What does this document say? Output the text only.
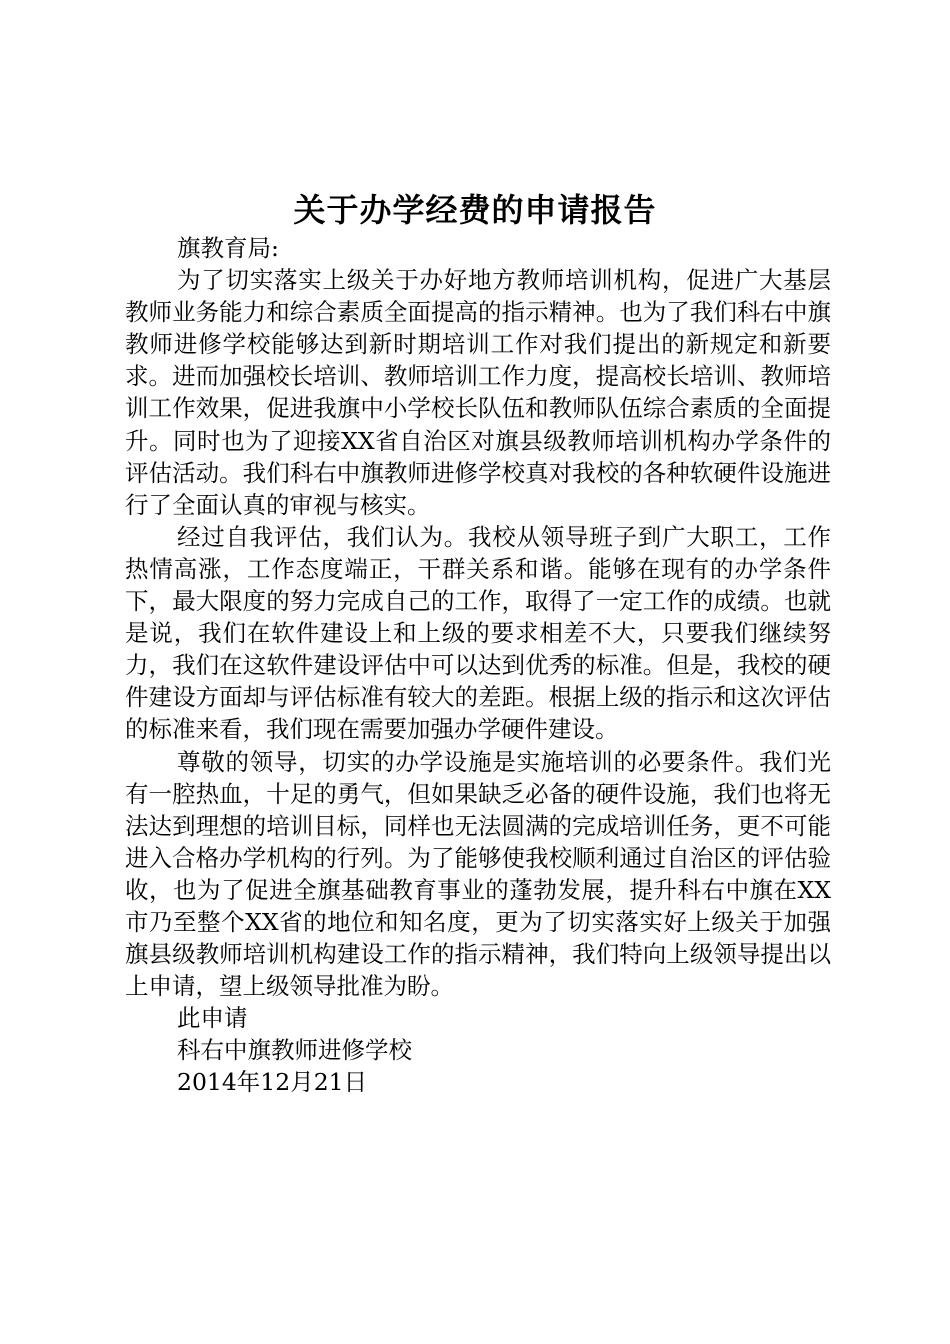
关于办学经费的申请报告

旗教育局:

为了切实落实上级关于办好地方教师培训机构，促进广大基层教师业务能力和综合素质全面提高的指示精神。也为了我们科右中旗教师进修学校能够达到新时期培训工作对我们提出的新规定和新要求。进而加强校长培训、教师培训工作力度，提高校长培训、教师培训工作效果，促进我旗中小学校长队伍和教师队伍综合素质的全面提升。同时也为了迎接XX省自治区对旗县级教师培训机构办学条件的评估活动。我们科右中旗教师进修学校真对我校的各种软硬件设施进行了全面认真的审视与核实。

经过自我评估，我们认为。我校从领导班子到广大职工，工作热情高涨，工作态度端正，干群关系和谐。能够在现有的办学条件下，最大限度的努力完成自己的工作，取得了一定工作的成绩。也就是说，我们在软件建设上和上级的要求相差不大，只要我们继续努力，我们在这软件建设评估中可以达到优秀的标准。但是，我校的硬件建设方面却与评估标准有较大的差距。根据上级的指示和这次评估的标准来看，我们现在需要加强办学硬件建设。

尊敬的领导，切实的办学设施是实施培训的必要条件。我们光有一腔热血，十足的勇气，但如果缺乏必备的硬件设施，我们也将无法达到理想的培训目标，同样也无法圆满的完成培训任务，更不可能进入合格办学机构的行列。为了能够使我校顺利通过自治区的评估验收，也为了促进全旗基础教育事业的蓬勃发展，提升科右中旗在XX市乃至整个XX省的地位和知名度，更为了切实落实好上级关于加强旗县级教师培训机构建设工作的指示精神，我们特向上级领导提出以上申请，望上级领导批准为盼。

此申请

科右中旗教师进修学校

2014年12月21日
